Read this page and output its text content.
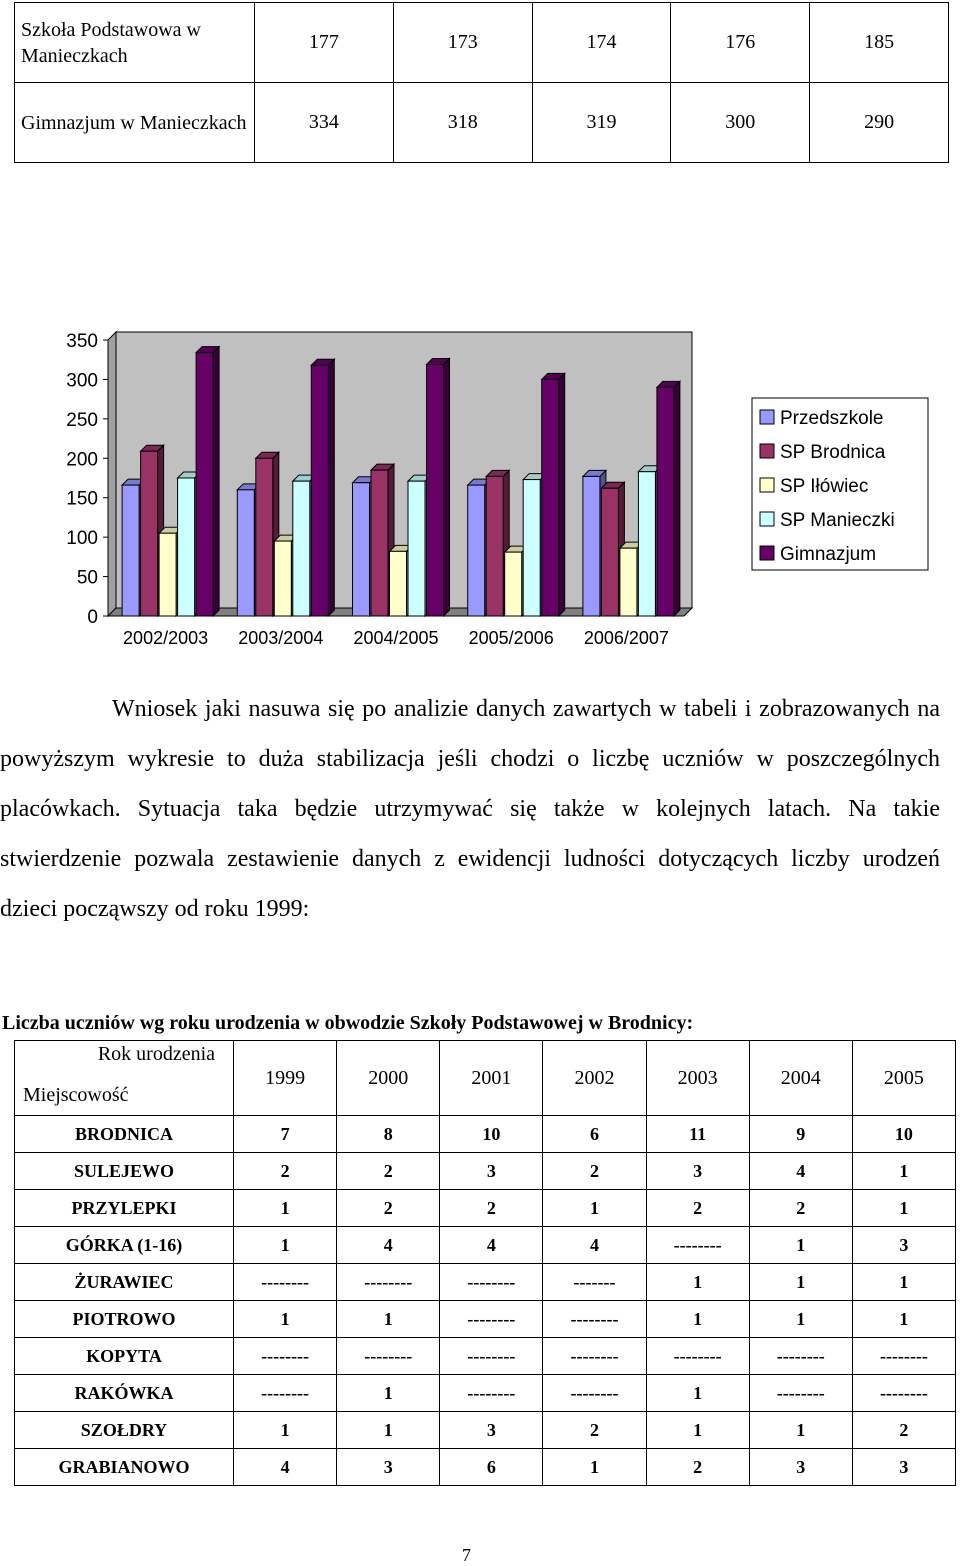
Szkoła Podstawowa w Manieczkach	177	173	174	176	185
Gimnazjum w Manieczkach	334	318	319	300	290
0
50
100
150
200
250
300
350
2002/2003 2003/2004 2004/2005 2005/2006 2006/2007
Przedszkole
SP Brodnica
SP Iłówiec
SP Manieczki
Gimnazjum

Wniosek jaki nasuwa się po analizie danych zawartych w tabeli i zobrazowanych na powyższym wykresie to duża stabilizacja jeśli chodzi o liczbę uczniów w poszczególnych placówkach. Sytuacja taka będzie utrzymywać się także w kolejnych latach. Na takie stwierdzenie pozwala zestawienie danych z ewidencji ludności dotyczących liczby urodzeń dzieci począwszy od roku 1999:

Liczba uczniów wg roku urodzenia w obwodzie Szkoły Podstawowej w Brodnicy:
Rok urodzenia
Miejscowość	1999	2000	2001	2002	2003	2004	2005
BRODNICA	7	8	10	6	11	9	10
SULEJEWO	2	2	3	2	3	4	1
PRZYLEPKI	1	2	2	1	2	2	1
GÓRKA (1-16)	1	4	4	4	--------	1	3
ŻURAWIEC	--------	--------	--------	-------	1	1	1
PIOTROWO	1	1	--------	--------	1	1	1
KOPYTA	--------	--------	--------	--------	--------	--------	--------
RAKÓWKA	--------	1	--------	--------	1	--------	--------
SZOŁDRY	1	1	3	2	1	1	2
GRABIANOWO	4	3	6	1	2	3	3
7
